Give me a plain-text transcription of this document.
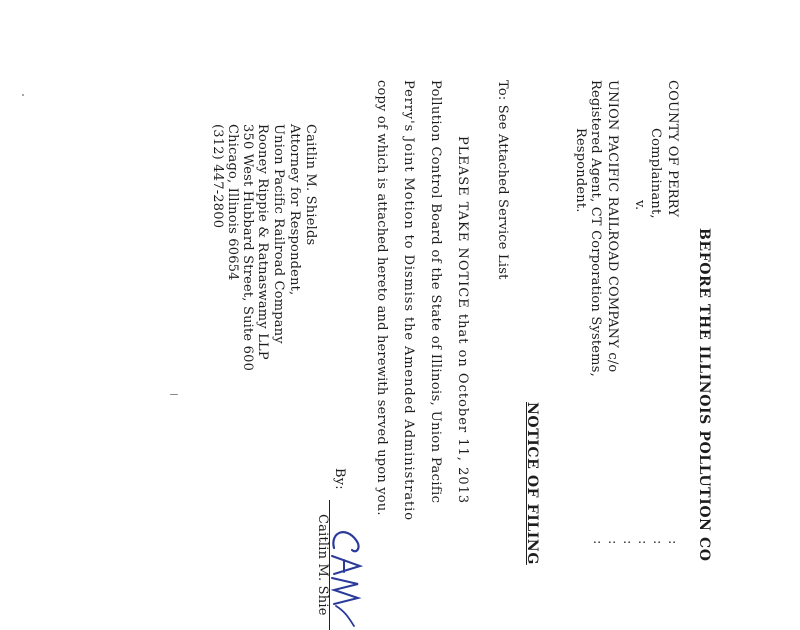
BEFORE THE ILLINOIS POLLUTION CO
COUNTY OF PERRY
Complainant,
v.
UNION PACIFIC RAILROAD COMPANY c/o
Registered Agent, CT Corporation Systems,
Respondent.
:
:
:
:
:
:
NOTICE OF FILING
To: See Attached Service List
PLEASE TAKE NOTICE that on October 11, 2013
Pollution Control Board of the State of Illinois, Union Pacific
Perry's Joint Motion to Dismiss the Amended Administratio
copy of which is attached hereto and herewith served upon you.
By:
Caitlin M. Shie
Caitlin M. Shields
Attorney for Respondent,
Union Pacific Railroad Company
Rooney Rippie & Ratnaswamy LLP
350 West Hubbard Street, Suite 600
Chicago, Illinois 60654
(312) 447-2800
